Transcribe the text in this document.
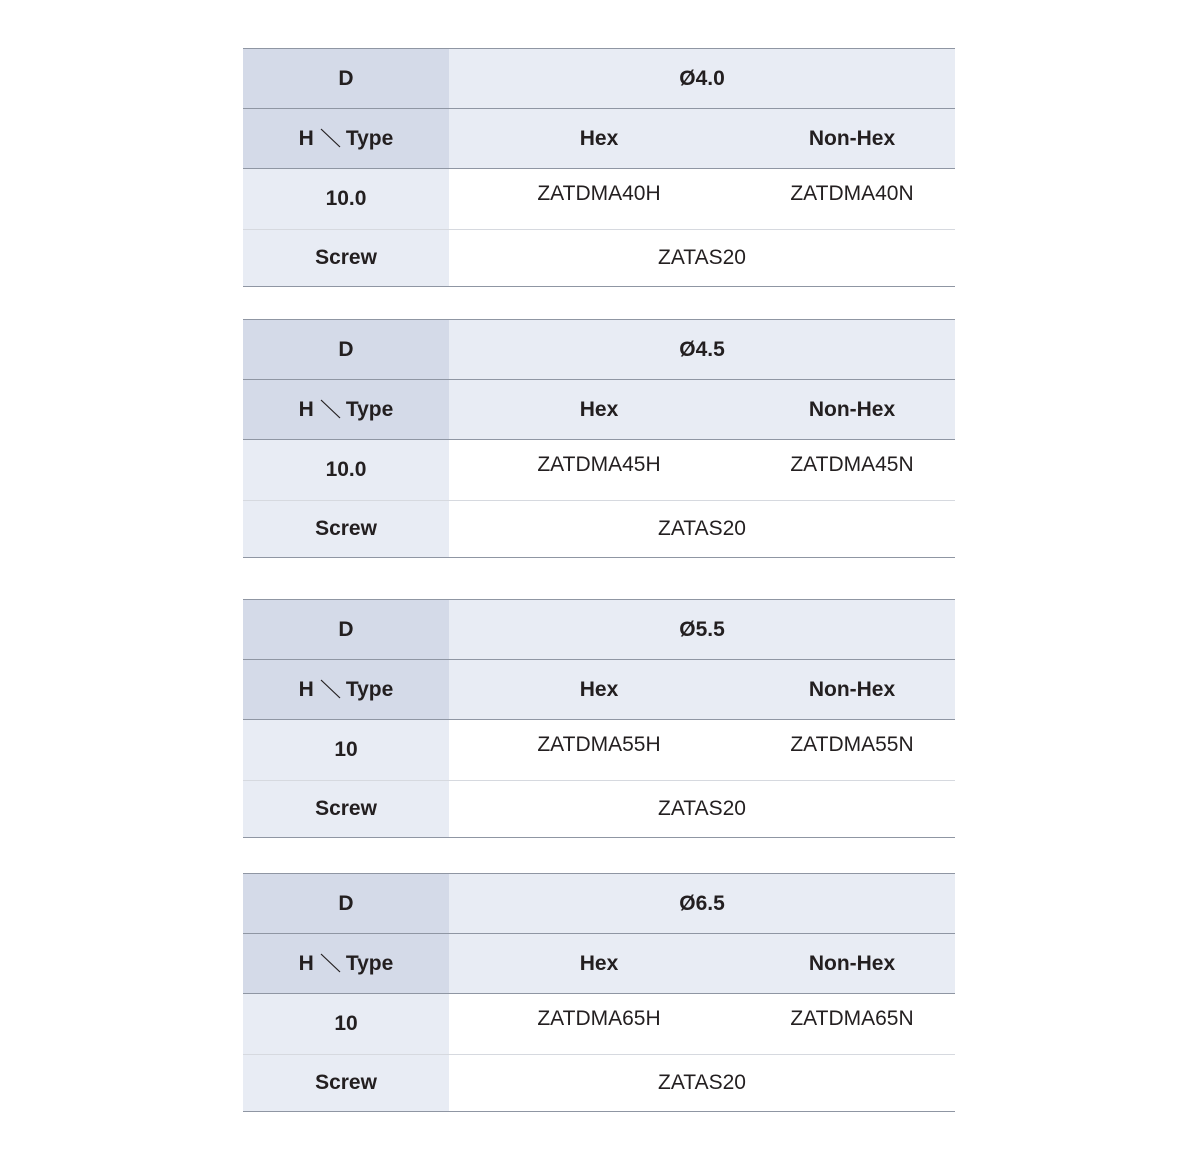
D	Ø4.0	
H Type	Hex	Non-Hex
10.0	ZATDMA40H	ZATDMA40N
Screw	ZATAS20	
D	Ø4.5	
H Type	Hex	Non-Hex
10.0	ZATDMA45H	ZATDMA45N
Screw	ZATAS20	
D	Ø5.5	
H Type	Hex	Non-Hex
10	ZATDMA55H	ZATDMA55N
Screw	ZATAS20	
D	Ø6.5	
H Type	Hex	Non-Hex
10	ZATDMA65H	ZATDMA65N
Screw	ZATAS20	
